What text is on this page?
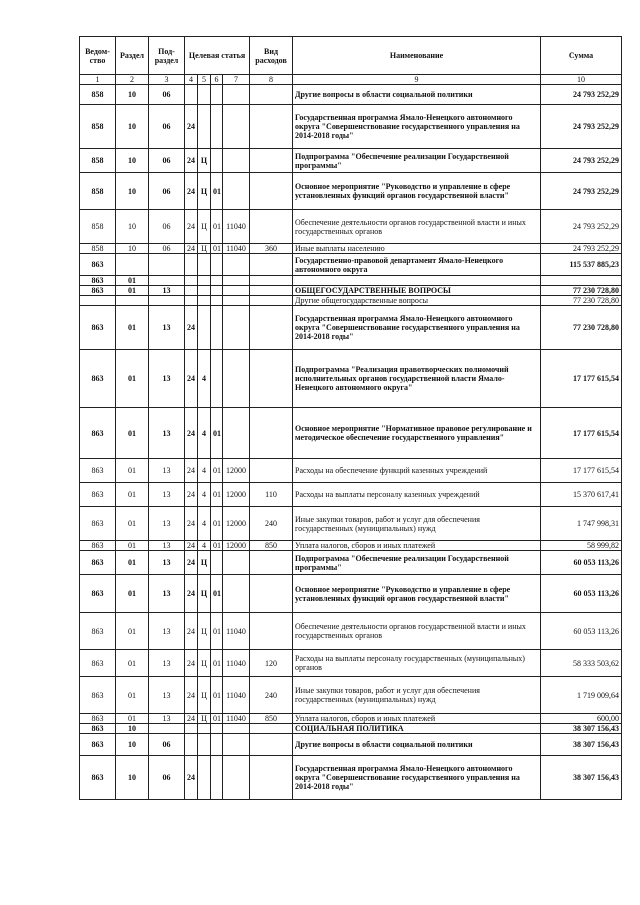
Ведом-ство	Раздел	Под-раздел	Целевая статья				Вид расходов	Наименование	Сумма
1	2	3	4	5	6	7	8	9	10
858	10	06						Другие вопросы в области социальной политики	24 793 252,29
858	10	06	24					Государственная программа Ямало-Ненецкого автономного округа "Совершенствование государственного управления на 2014-2018 годы"	24 793 252,29
858	10	06	24	Ц				Подпрограмма "Обеспечение реализации Государственной программы"	24 793 252,29
858	10	06	24	Ц	01			Основное мероприятие "Руководство и управление в сфере установленных функций органов государственной власти"	24 793 252,29
858	10	06	24	Ц	01	11040		Обеспечение деятельности органов государственной власти и иных государственных органов	24 793 252,29
858	10	06	24	Ц	01	11040	360	Иные выплаты населению	24 793 252,29
863								Государственно-правовой департамент Ямало-Ненецкого автономного округа	115 537 885,23
863	01								
863	01	13						ОБЩЕГОСУДАРСТВЕННЫЕ ВОПРОСЫ	77 230 728,80
								Другие общегосударственные вопросы	77 230 728,80
863	01	13	24					Государственная программа Ямало-Ненецкого автономного округа "Совершенствование государственного управления на 2014-2018 годы"	77 230 728,80
863	01	13	24	4				Подпрограмма "Реализация правотворческих полномочий исполнительных органов государственной власти Ямало-Ненецкого автономного округа"	17 177 615,54
863	01	13	24	4	01			Основное мероприятие "Нормативное правовое регулирование и методическое обеспечение государственного управления"	17 177 615,54
863	01	13	24	4	01	12000		Расходы на обеспечение функций казенных учреждений	17 177 615,54
863	01	13	24	4	01	12000	110	Расходы на выплаты персоналу казенных учреждений	15 370 617,41
863	01	13	24	4	01	12000	240	Иные закупки товаров, работ и услуг для обеспечения государственных (муниципальных) нужд	1 747 998,31
863	01	13	24	4	01	12000	850	Уплата налогов, сборов и иных платежей	58 999,82
863	01	13	24	Ц				Подпрограмма "Обеспечение реализации Государственной программы"	60 053 113,26
863	01	13	24	Ц	01			Основное мероприятие "Руководство и управление в сфере установленных функций органов государственной власти"	60 053 113,26
863	01	13	24	Ц	01	11040		Обеспечение деятельности органов государственной власти и иных государственных органов	60 053 113,26
863	01	13	24	Ц	01	11040	120	Расходы на выплаты персоналу государственных (муниципальных) органов	58 333 503,62
863	01	13	24	Ц	01	11040	240	Иные закупки товаров, работ и услуг для обеспечения государственных (муниципальных) нужд	1 719 009,64
863	01	13	24	Ц	01	11040	850	Уплата налогов, сборов и иных платежей	600,00
863	10							СОЦИАЛЬНАЯ ПОЛИТИКА	38 307 156,43
863	10	06						Другие вопросы в области социальной политики	38 307 156,43
863	10	06	24					Государственная программа Ямало-Ненецкого автономного округа "Совершенствование государственного управления на 2014-2018 годы"	38 307 156,43
